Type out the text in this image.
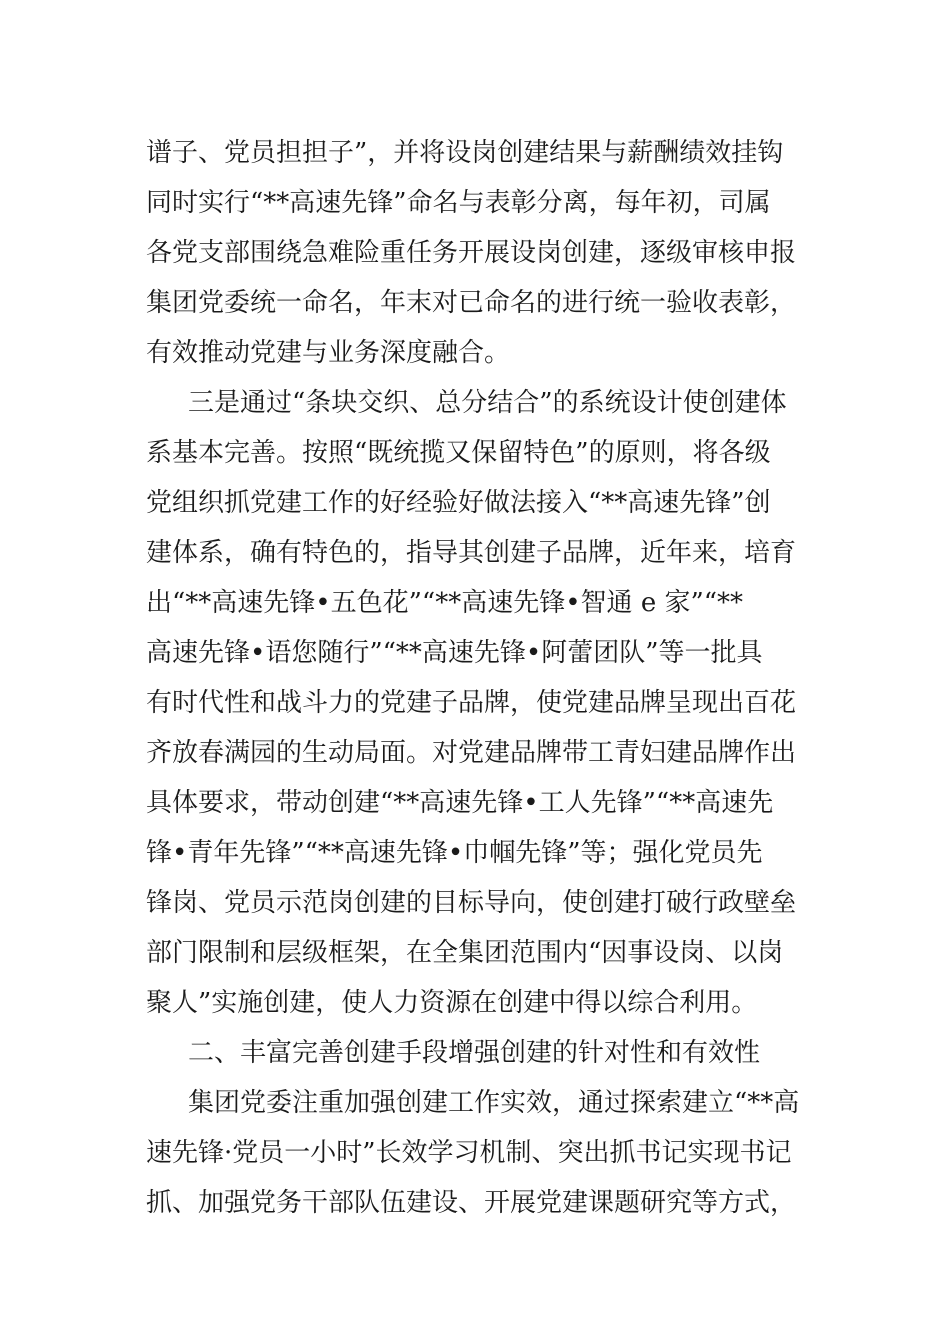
谱子、党员担担子”，并将设岗创建结果与薪酬绩效挂钩
同时实行“**高速先锋”命名与表彰分离，每年初，司属
各党支部围绕急难险重任务开展设岗创建，逐级审核申报
集团党委统一命名，年末对已命名的进行统一验收表彰，
有效推动党建与业务深度融合。
三是通过“条块交织、总分结合”的系统设计使创建体
系基本完善。按照“既统揽又保留特色”的原则，将各级
党组织抓党建工作的好经验好做法接入“**高速先锋”创
建体系，确有特色的，指导其创建子品牌，近年来，培育
出“**高速先锋•五色花”“**高速先锋•智通 e 家”“**
高速先锋•语您随行”“**高速先锋•阿蕾团队”等一批具
有时代性和战斗力的党建子品牌，使党建品牌呈现出百花
齐放春满园的生动局面。对党建品牌带工青妇建品牌作出
具体要求，带动创建“**高速先锋•工人先锋”“**高速先
锋•青年先锋”“**高速先锋•巾帼先锋”等；强化党员先
锋岗、党员示范岗创建的目标导向，使创建打破行政壁垒
部门限制和层级框架，在全集团范围内“因事设岗、以岗
聚人”实施创建，使人力资源在创建中得以综合利用。
二、丰富完善创建手段增强创建的针对性和有效性
集团党委注重加强创建工作实效，通过探索建立“**高
速先锋·党员一小时”长效学习机制、突出抓书记实现书记
抓、加强党务干部队伍建设、开展党建课题研究等方式，
